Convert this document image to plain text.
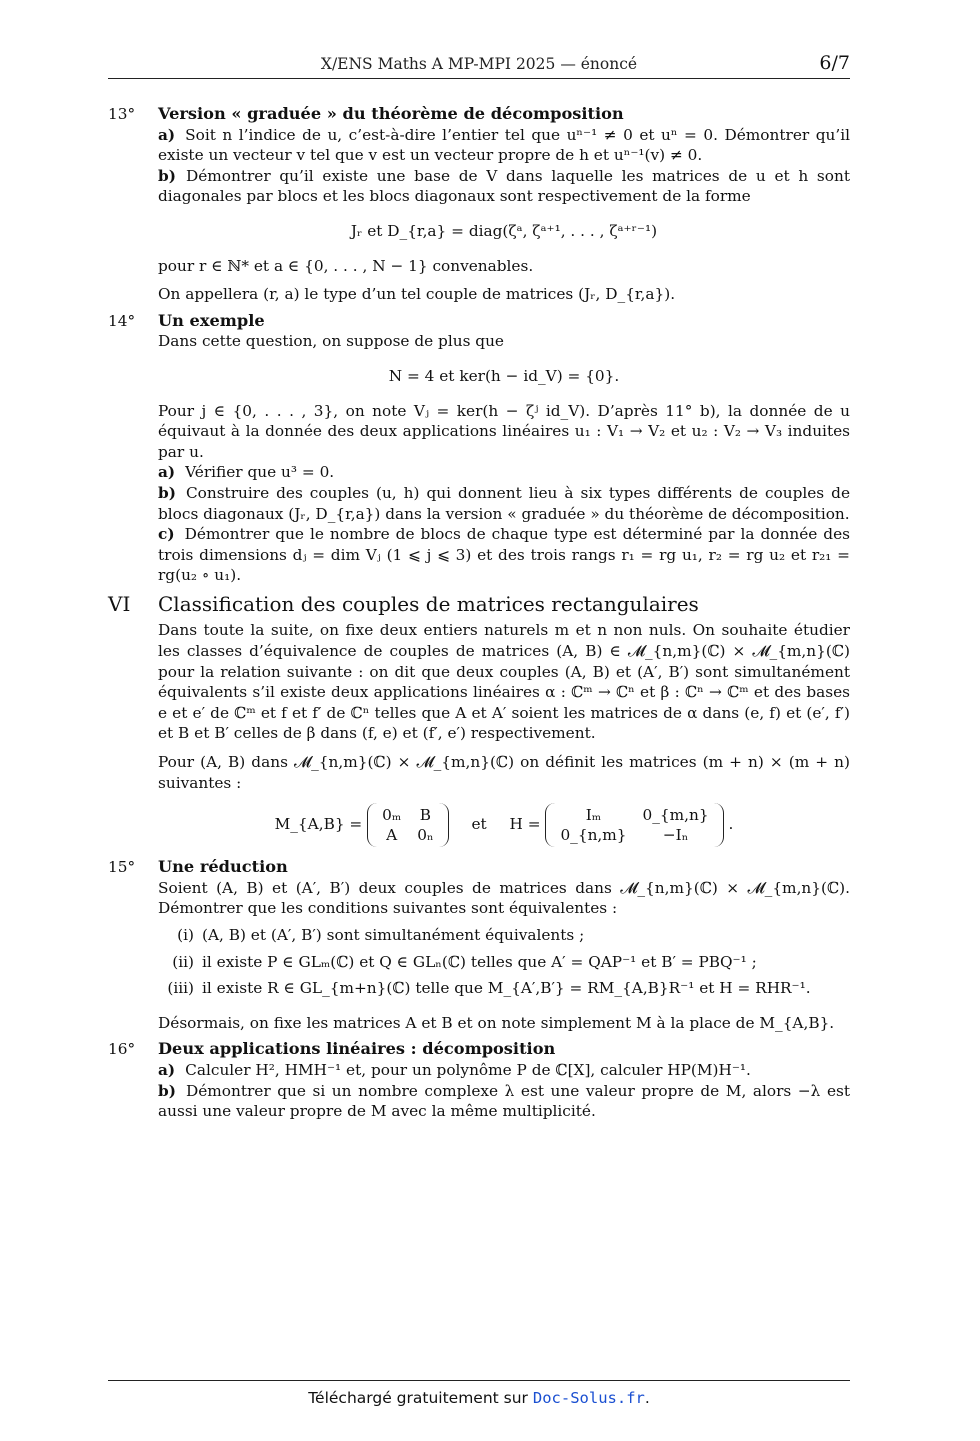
X/ENS Maths A MP-MPI 2025 — énoncé	6/7
13° Version « graduée » du théorème de décomposition
a) Soit n l’indice de u, c’est-à-dire l’entier tel que uⁿ⁻¹ ≠ 0 et uⁿ = 0. Démontrer qu’il existe un vecteur v tel que v est un vecteur propre de h et uⁿ⁻¹(v) ≠ 0.
b) Démontrer qu’il existe une base de V dans laquelle les matrices de u et h sont diagonales par blocs et les blocs diagonaux sont respectivement de la forme
Jᵣ et D_{r,a} = diag(ζᵃ, ζᵃ⁺¹, . . . , ζᵃ⁺ʳ⁻¹)
pour r ∈ ℕ* et a ∈ {0, . . . , N − 1} convenables.
On appellera (r, a) le type d’un tel couple de matrices (Jᵣ, D_{r,a}).
14° Un exemple
Dans cette question, on suppose de plus que
N = 4 et ker(h − id_V) = {0}.
Pour j ∈ {0, . . . , 3}, on note Vⱼ = ker(h − ζʲ id_V). D’après 11° b), la donnée de u équivaut à la donnée des deux applications linéaires u₁ : V₁ → V₂ et u₂ : V₂ → V₃ induites par u.
a) Vérifier que u³ = 0.
b) Construire des couples (u, h) qui donnent lieu à six types différents de couples de blocs diagonaux (Jᵣ, D_{r,a}) dans la version « graduée » du théorème de décomposition.
c) Démontrer que le nombre de blocs de chaque type est déterminé par la donnée des trois dimensions dⱼ = dim Vⱼ (1 ⩽ j ⩽ 3) et des trois rangs r₁ = rg u₁, r₂ = rg u₂ et r₂₁ = rg(u₂ ∘ u₁).
VI Classification des couples de matrices rectangulaires
Dans toute la suite, on fixe deux entiers naturels m et n non nuls. On souhaite étudier les classes d’équivalence de couples de matrices (A, B) ∈ 𝓜_{n,m}(ℂ) × 𝓜_{m,n}(ℂ) pour la relation suivante : on dit que deux couples (A, B) et (A′, B′) sont simultanément équivalents s’il existe deux applications linéaires α : ℂᵐ → ℂⁿ et β : ℂⁿ → ℂᵐ et des bases e et e′ de ℂᵐ et f et f′ de ℂⁿ telles que A et A′ soient les matrices de α dans (e, f) et (e′, f′) et B et B′ celles de β dans (f, e) et (f′, e′) respectivement.
Pour (A, B) dans 𝓜_{n,m}(ℂ) × 𝓜_{m,n}(ℂ) on définit les matrices (m + n) × (m + n) suivantes :
M_{A,B} = 0ₘ	B
A	0ₙ
et H =	Iₘ	0_{m,n}
0_{n,m}	−Iₙ
.
15° Une réduction
Soient (A, B) et (A′, B′) deux couples de matrices dans 𝓜_{n,m}(ℂ) × 𝓜_{m,n}(ℂ). Démontrer que les conditions suivantes sont équivalentes :
(i) (A, B) et (A′, B′) sont simultanément équivalents ;
(ii) il existe P ∈ GLₘ(ℂ) et Q ∈ GLₙ(ℂ) telles que A′ = QAP⁻¹ et B′ = PBQ⁻¹ ;
(iii) il existe R ∈ GL_{m+n}(ℂ) telle que M_{A′,B′} = RM_{A,B}R⁻¹ et H = RHR⁻¹.
Désormais, on fixe les matrices A et B et on note simplement M à la place de M_{A,B}.
16° Deux applications linéaires : décomposition
a) Calculer H², HMH⁻¹ et, pour un polynôme P de ℂ[X], calculer HP(M)H⁻¹.
b) Démontrer que si un nombre complexe λ est une valeur propre de M, alors −λ est aussi une valeur propre de M avec la même multiplicité.
Téléchargé gratuitement sur Doc-Solus.fr.
